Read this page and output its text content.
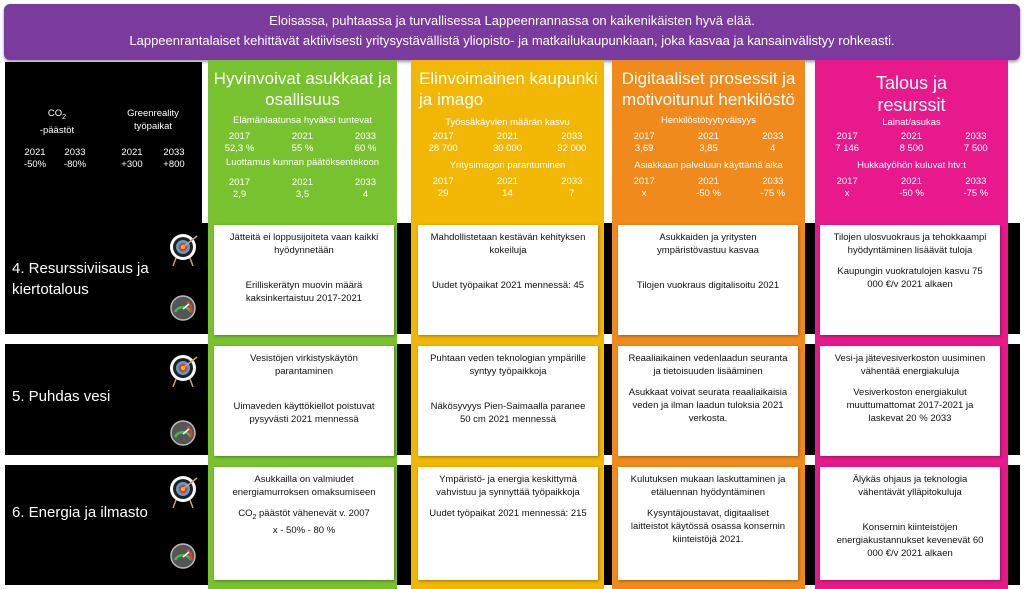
Eloisassa, puhtaassa ja turvallisessa Lappeenrannassa on kaikenikäisten hyvä elää.
Lappeenrantalaiset kehittävät aktiivisesti yritysystävällistä yliopisto- ja matkailukaupunkiaan, joka kasvaa ja kansainvälistyy rohkeasti.
$CO_2$
-päästöt
Greenreality
työpaikat
2021	2033
-50%	-80%
2021	2033
+300	+800
Hyvinvoivat asukkaat ja
osallisuus
Elämänlaatunsa hyväksi tuntevat
2017	2021	2033
52,3 %	55 %	60 %
Luottamus kunnan päätöksentekoon
2017	2021	2033
2,9	3,5	4
Elinvoimainen kaupunki
ja imago
Työssäkäyvien määrän kasvu
2017	2021	2033
28 700	30 000	32 000
Yritysimagon parantuminen
2017	2021	2033
29	14	7
Digitaaliset prosessit ja
motivoitunut henkilöstö
Henkilöstötyytyväisyys
2017	2021	2033
3,69	3,85	4
Asiakkaan palveluun käyttämä aika
2017	2021	2033
x	-50 %	-75 %
Talous ja
resurssit
Lainat/asukas
2017	2021	2033
7 146	8 500	7 500
Hukkatyöhön kuluvat htv:t
2017	2021	2033
x	-50 %	-75 %
4. Resurssiviisaus ja
kiertotalous
5. Puhdas vesi
6. Energia ja ilmasto

Jätteitä ei loppusijoiteta vaan kaikki hyödynnetään

Erilliskerätyn muovin määrä kaksinkertaistuu 2017-2021

Mahdollistetaan kestävän kehityksen kokeiluja

Uudet työpaikat 2021 mennessä: 45

Asukkaiden ja yritysten ympäristövastuu kasvaa

Tilojen vuokraus digitalisoitu 2021

Tilojen ulosvuokraus ja tehokkaampi hyödyntäminen lisäävät tuloja

Kaupungin vuokratulojen kasvu 75 000 €/v 2021 alkaen

Vesistöjen virkistyskäytön parantaminen

Uimaveden käyttökiellot poistuvat pysyvästi 2021 mennessä

Puhtaan veden teknologian ympärille syntyy työpaikkoja

Näkösyvyys Pien-Saimaalla paranee 50 cm 2021 mennessä

Reaaliaikainen vedenlaadun seuranta ja tietoisuuden lisääminen

Asukkaat voivat seurata reaaliaikaisia veden ja ilman laadun tuloksia 2021 verkosta.

Vesi-ja jätevesiverkoston uusiminen vähentää energiakuluja

Vesiverkoston energiakulut muuttumattomat 2017-2021 ja laskevat 20 % 2033

Asukkailla on valmiudet energiamurroksen omaksumiseen

$CO_2$ päästöt vähenevät v. 2007

x - 50% - 80 %

Ympäristö- ja energia keskittymä vahvistuu ja synnyttää työpaikkoja

Uudet työpaikat 2021 mennessä: 215

Kulutuksen mukaan laskuttaminen ja etäluennan hyödyntäminen

Kysyntäjoustavat, digitaaliset laitteistot käytössä osassa konsernin kiinteistöjä 2021.

Älykäs ohjaus ja teknologia vähentävät ylläpitokuluja

Konsernin kiinteistöjen energiakustannukset kevenevät 60 000 €/v 2021 alkaen
